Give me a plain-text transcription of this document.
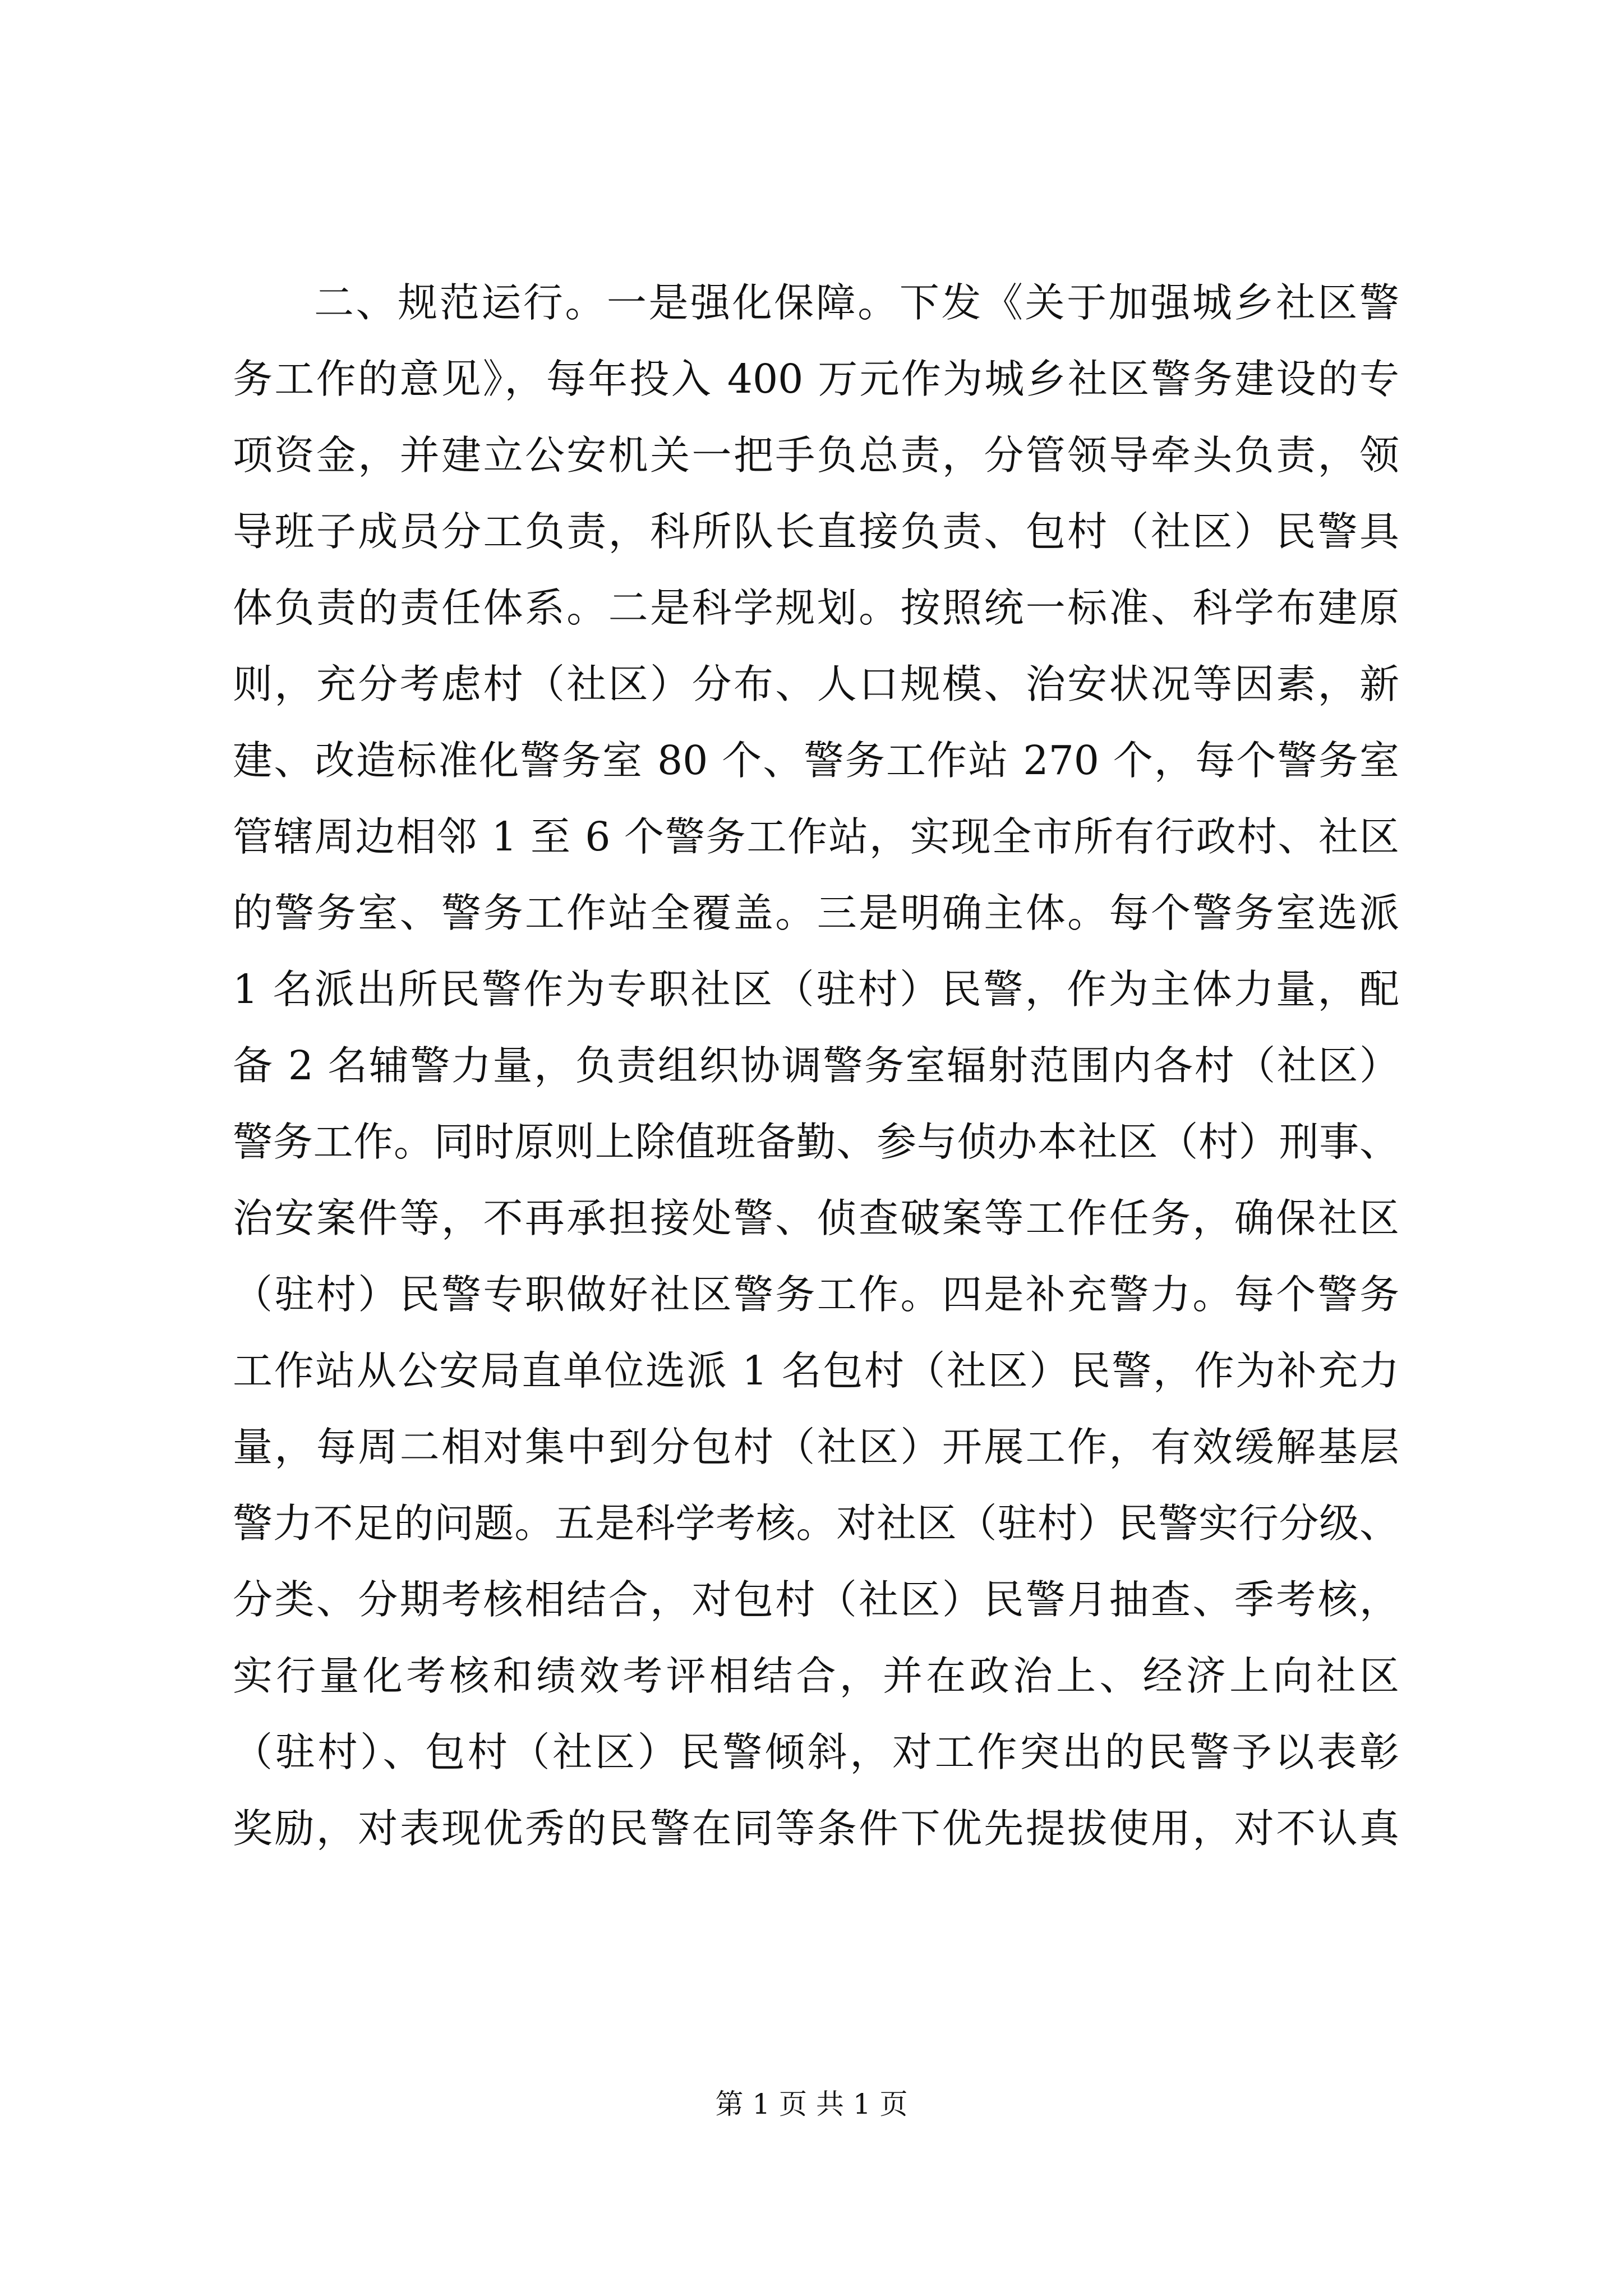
二、规范运行。一是强化保障。下发《关于加强城乡社区警
务工作的意见》，每年投入 400 万元作为城乡社区警务建设的专
项资金，并建立公安机关一把手负总责，分管领导牵头负责，领
导班子成员分工负责，科所队长直接负责、包村（社区）民警具
体负责的责任体系。二是科学规划。按照统一标准、科学布建原
则，充分考虑村（社区）分布、人口规模、治安状况等因素，新
建、改造标准化警务室 80 个、警务工作站 270 个，每个警务室
管辖周边相邻 1 至 6 个警务工作站，实现全市所有行政村、社区
的警务室、警务工作站全覆盖。三是明确主体。每个警务室选派
1 名派出所民警作为专职社区（驻村）民警，作为主体力量，配
备 2 名辅警力量，负责组织协调警务室辐射范围内各村（社区）
警务工作。同时原则上除值班备勤、参与侦办本社区（村）刑事、
治安案件等，不再承担接处警、侦查破案等工作任务，确保社区
（驻村）民警专职做好社区警务工作。四是补充警力。每个警务
工作站从公安局直单位选派 1 名包村（社区）民警，作为补充力
量，每周二相对集中到分包村（社区）开展工作，有效缓解基层
警力不足的问题。五是科学考核。对社区（驻村）民警实行分级、
分类、分期考核相结合，对包村（社区）民警月抽查、季考核，
实行量化考核和绩效考评相结合，并在政治上、经济上向社区
（驻村）、包村（社区）民警倾斜，对工作突出的民警予以表彰
奖励，对表现优秀的民警在同等条件下优先提拔使用，对不认真
第 1 页 共 1 页
